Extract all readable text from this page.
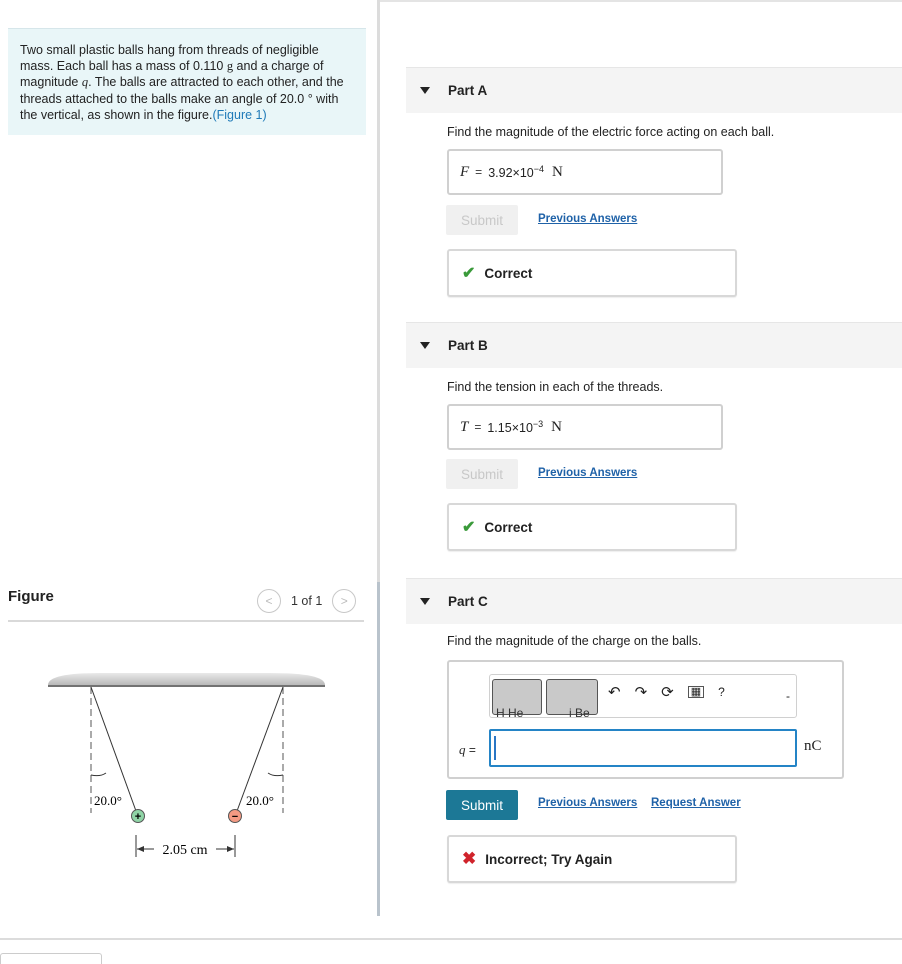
Two small plastic balls hang from threads of negligible mass. Each ball has a mass of 0.110 g and a charge of magnitude q. The balls are attracted to each other, and the threads attached to the balls make an angle of 20.0 ° with the vertical, as shown in the figure.(Figure 1)
Figure	< 1 of 1 >
20.0°	20.0°
+	−
2.05 cm
Part A
Find the magnitude of the electric force acting on each ball.
$F = 3.92\times 10^{-4}$ N
Submit	Previous Answers
✔ Correct
Part B
Find the tension in each of the threads.
$T = 1.15\times 10^{-3}$ N
Submit	Previous Answers
✔ Correct
Part C
Find the magnitude of the charge on the balls.
H He	i Be
↶ ↷ ⟳ ▦ ?	-
q =	nC
Submit	Previous Answers Request Answer
✖ Incorrect; Try Again
